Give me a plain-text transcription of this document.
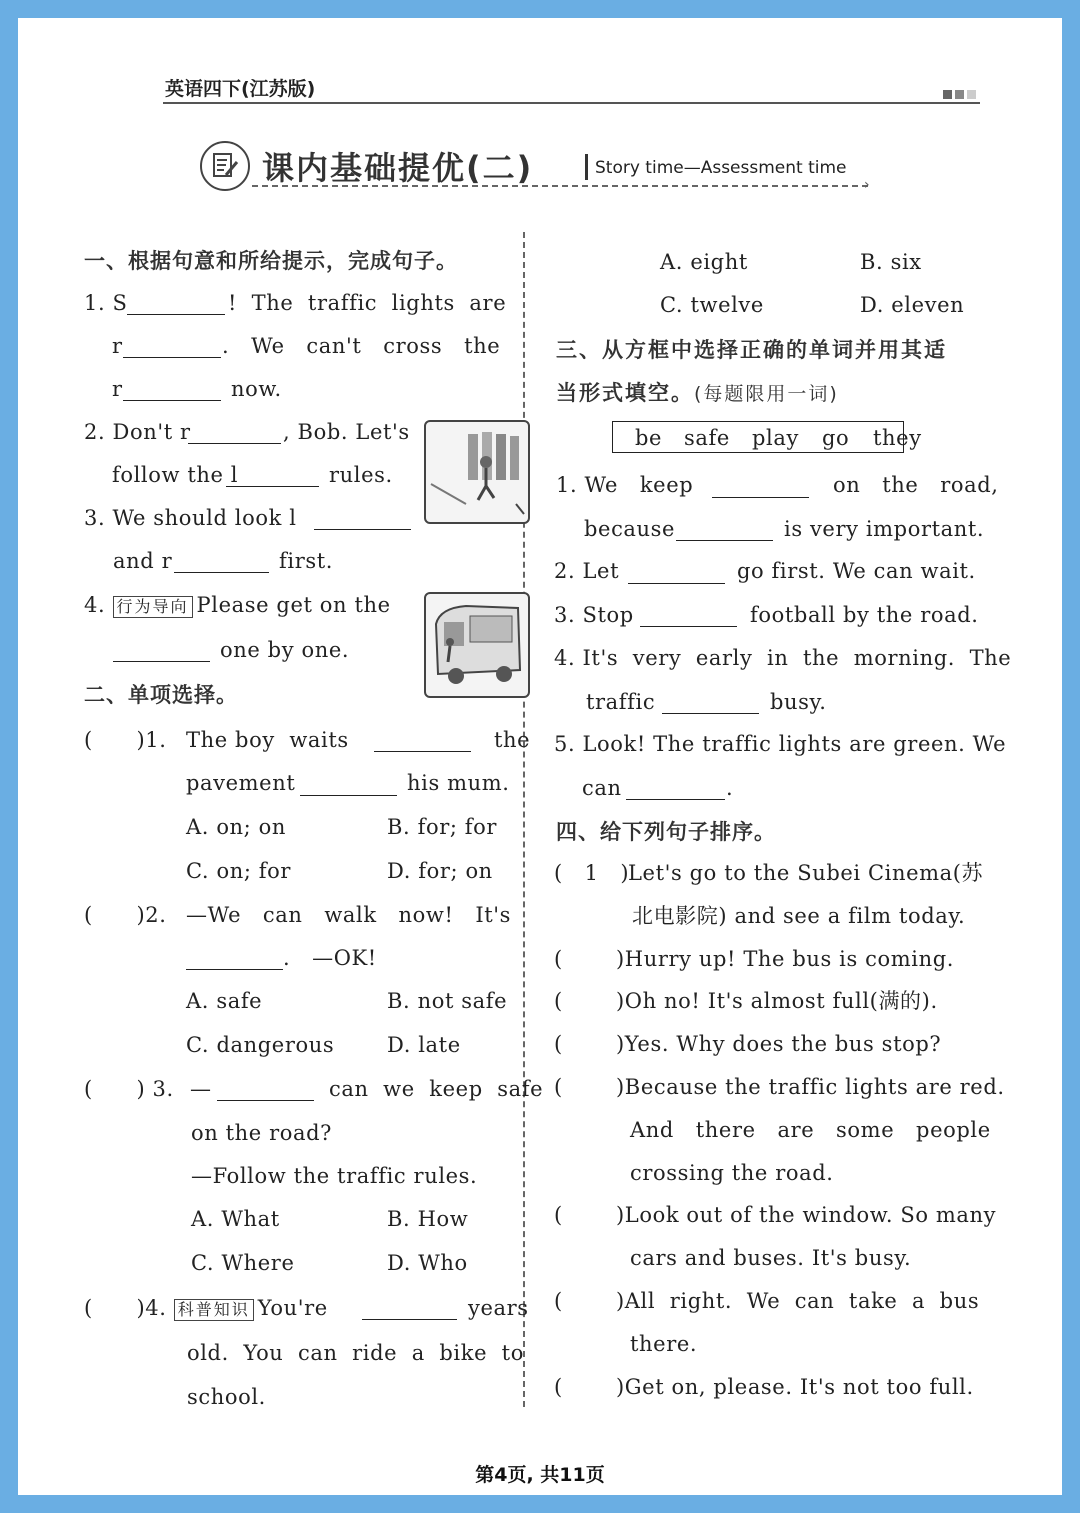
英语四下(江苏版)
课内基础提优(二)	Story time—Assessment time
›
一、根据句意和所给提示，完成句子。
1. S	!  The  traffic  lights  are
r	.   We   can't   cross   the
r	now.
2. Don't r	, Bob. Let's
follow the l	rules.
3. We should look l
and r	first.
4. 行为导向 Please get on the
one by one.
二、单项选择。
(      )1. The boy  waits	the
pavement	his mum.
A. on; on	B. for; for
C. on; for	D. for; on
(      )2. —We   can   walk   now!   It's
.   —OK!
A. safe	B. not safe
C. dangerous	D. late
(      ) 3. —	can  we  keep  safe
on the road?
—Follow the traffic rules.
A. What	B. How
C. Where	D. Who
(      )4. 科普知识 You're	years
old.  You  can  ride  a  bike  to
school.
A. eight	B. six
C. twelve	D. eleven
三、从方框中选择正确的单词并用其适
当形式填空。(每题限用一词)
be safe play go they
1. We   keep	on   the   road,
because	is very important.
2. Let	go first. We can wait.
3. Stop	football by the road.
4. It's  very  early  in  the  morning.  The
traffic	busy.
5. Look! The traffic lights are green. We
can	.
四、给下列句子排序。
(   1   )
Let's go to the Subei Cinema(苏
北电影院) and see a film today.
(	)Hurry up! The bus is coming.
(	)Oh no! It's almost full(满的).
(	)Yes. Why does the bus stop?
(	)Because the traffic lights are red.
And   there   are   some   people
crossing the road.
(	)Look out of the window. So many
cars and buses. It's busy.
(	)All  right.  We  can  take  a  bus
there.
(	)Get on, please. It's not too full.
第4页, 共11页
